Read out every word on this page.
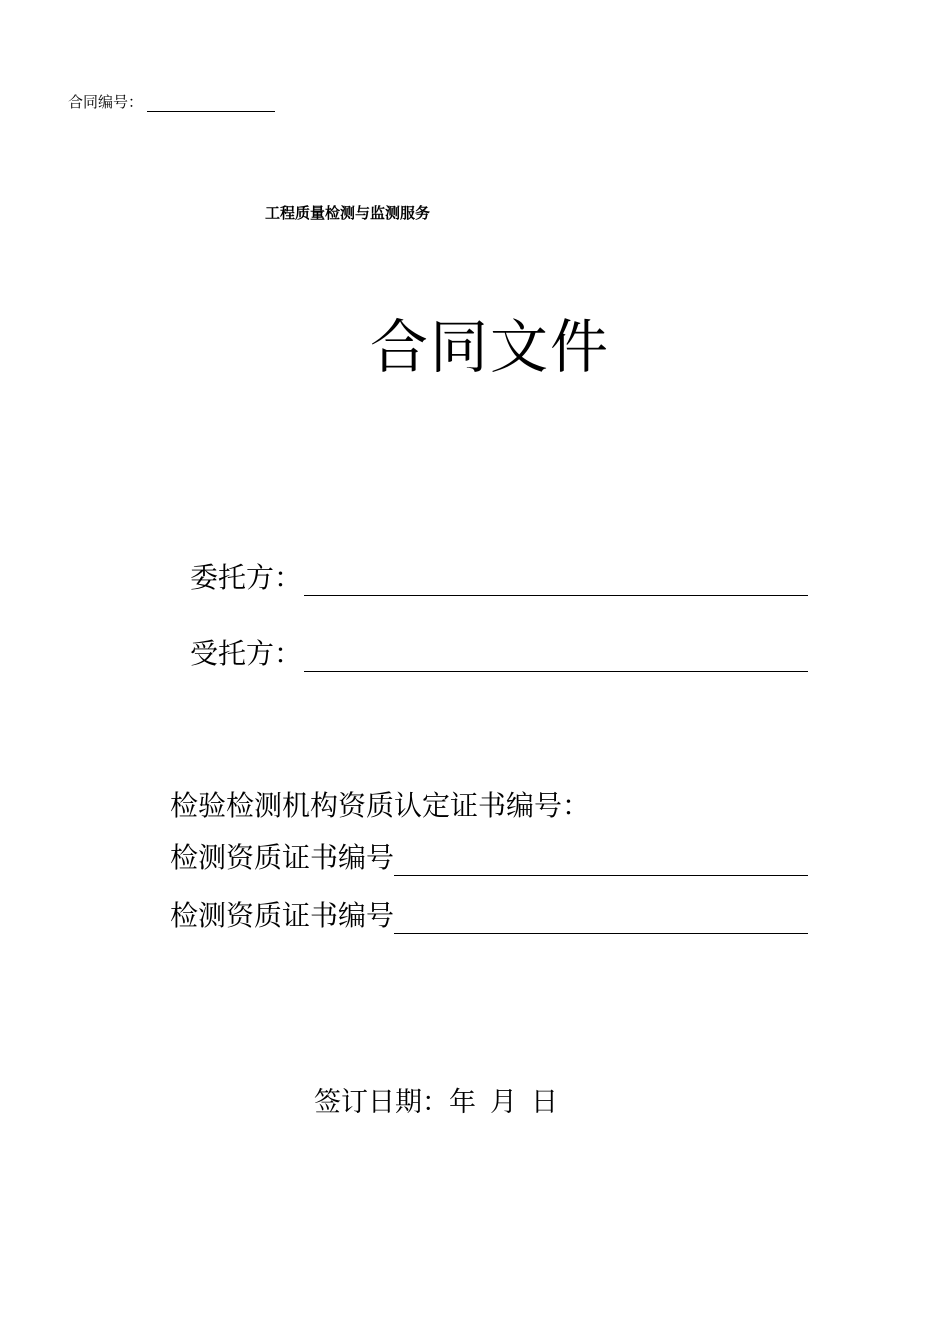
合同编号：
工程质量检测与监测服务
合同文件
委托方：
受托方：
检验检测机构资质认定证书编号：
检测资质证书编号
检测资质证书编号
签订日期： 年 月 日
